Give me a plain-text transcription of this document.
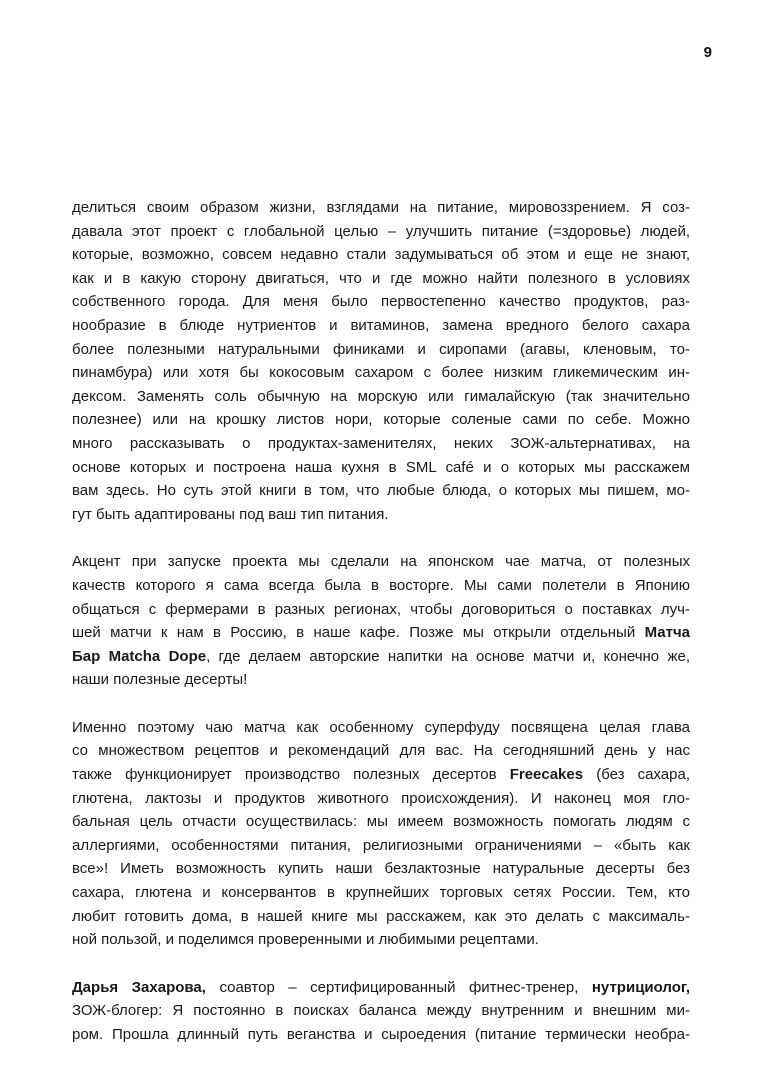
9

делиться своим образом жизни, взглядами на питание, мировоззрением. Я соз-
давала этот проект с глобальной целью – улучшить питание (=здоровье) людей,
которые, возможно, совсем недавно стали задумываться об этом и еще не знают,
как и в какую сторону двигаться, что и где можно найти полезного в условиях
собственного города. Для меня было первостепенно качество продуктов, раз-
нообразие в блюде нутриентов и витаминов, замена вредного белого сахара
более полезными натуральными финиками и сиропами (агавы, кленовым, то-
пинамбура) или хотя бы кокосовым сахаром с более низким гликемическим ин-
дексом. Заменять соль обычную на морскую или гималайскую (так значительно
полезнее) или на крошку листов нори, которые соленые сами по себе. Можно
много рассказывать о продуктах-заменителях, неких ЗОЖ-альтернативах, на
основе которых и построена наша кухня в SML café и о которых мы расскажем
вам здесь. Но суть этой книги в том, что любые блюда, о которых мы пишем, мо-
гут быть адаптированы под ваш тип питания.

Акцент при запуске проекта мы сделали на японском чае матча, от полезных
качеств которого я сама всегда была в восторге. Мы сами полетели в Японию
общаться с фермерами в разных регионах, чтобы договориться о поставках луч-
шей матчи к нам в Россию, в наше кафе. Позже мы открыли отдельный Матча
Бар Matcha Dope, где делаем авторские напитки на основе матчи и, конечно же,
наши полезные десерты!

Именно поэтому чаю матча как особенному суперфуду посвящена целая глава
со множеством рецептов и рекомендаций для вас. На сегодняшний день у нас
также функционирует производство полезных десертов Freecakes (без сахара,
глютена, лактозы и продуктов животного происхождения). И наконец моя гло-
бальная цель отчасти осуществилась: мы имеем возможность помогать людям с
аллергиями, особенностями питания, религиозными ограничениями – «быть как
все»! Иметь возможность купить наши безлактозные натуральные десерты без
сахара, глютена и консервантов в крупнейших торговых сетях России. Тем, кто
любит готовить дома, в нашей книге мы расскажем, как это делать с максималь-
ной пользой, и поделимся проверенными и любимыми рецептами.

Дарья Захарова, соавтор – сертифицированный фитнес-тренер, нутрициолог,
ЗОЖ-блогер: Я постоянно в поисках баланса между внутренним и внешним ми-
ром. Прошла длинный путь веганства и сыроедения (питание термически необра-
